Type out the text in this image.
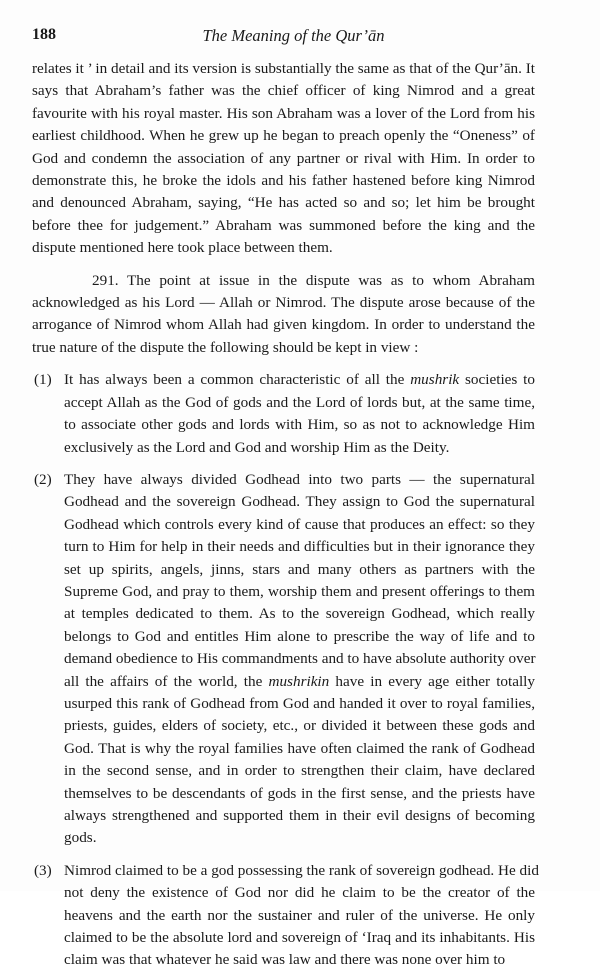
188	The Meaning of the Qur’ān
relates it ’ in detail and its version is substantially the same as that of the Qur’ān. It
says that Abraham’s father was the chief officer of king Nimrod and a great
favourite with his royal master. His son Abraham was a lover of the Lord from his
earliest childhood. When he grew up he began to preach openly the “Oneness” of
God and condemn the association of any partner or rival with Him. In order to
demonstrate this, he broke the idols and his father hastened before king Nimrod
and denounced Abraham, saying, “He has acted so and so; let him be brought
before thee for judgement.” Abraham was summoned before the king and the
dispute mentioned here took place between them.
291. The point at issue in the dispute was as to whom Abraham
acknowledged as his Lord — Allah or Nimrod. The dispute arose because of the
arrogance of Nimrod whom Allah had given kingdom. In order to understand the
true nature of the dispute the following should be kept in view :
(1) It has always been a common characteristic of all the mushrik societies to
accept Allah as the God of gods and the Lord of lords but, at the same time,
to associate other gods and lords with Him, so as not to acknowledge Him
exclusively as the Lord and God and worship Him as the Deity.
(2) They have always divided Godhead into two parts — the supernatural
Godhead and the sovereign Godhead. They assign to God the supernatural
Godhead which controls every kind of cause that produces an effect: so they
turn to Him for help in their needs and difficulties but in their ignorance they
set up spirits, angels, jinns, stars and many others as partners with the
Supreme God, and pray to them, worship them and present offerings to them
at temples dedicated to them. As to the sovereign Godhead, which really
belongs to God and entitles Him alone to prescribe the way of life and to
demand obedience to His commandments and to have absolute authority over
all the affairs of the world, the mushrikin have in every age either totally
usurped this rank of Godhead from God and handed it over to royal families,
priests, guides, elders of society, etc., or divided it between these gods and
God. That is why the royal families have often claimed the rank of Godhead
in the second sense, and in order to strengthen their claim, have declared
themselves to be descendants of gods in the first sense, and the priests have
always strengthened and supported them in their evil designs of becoming
gods.
(3) Nimrod claimed to be a god possessing the rank of sovereign godhead. He did
not deny the existence of God nor did he claim to be the creator of the
heavens and the earth nor the sustainer and ruler of the universe. He only
claimed to be the absolute lord and sovereign of ‘Iraq and its inhabitants. His
claim was that whatever he said was law and there was none over him to
